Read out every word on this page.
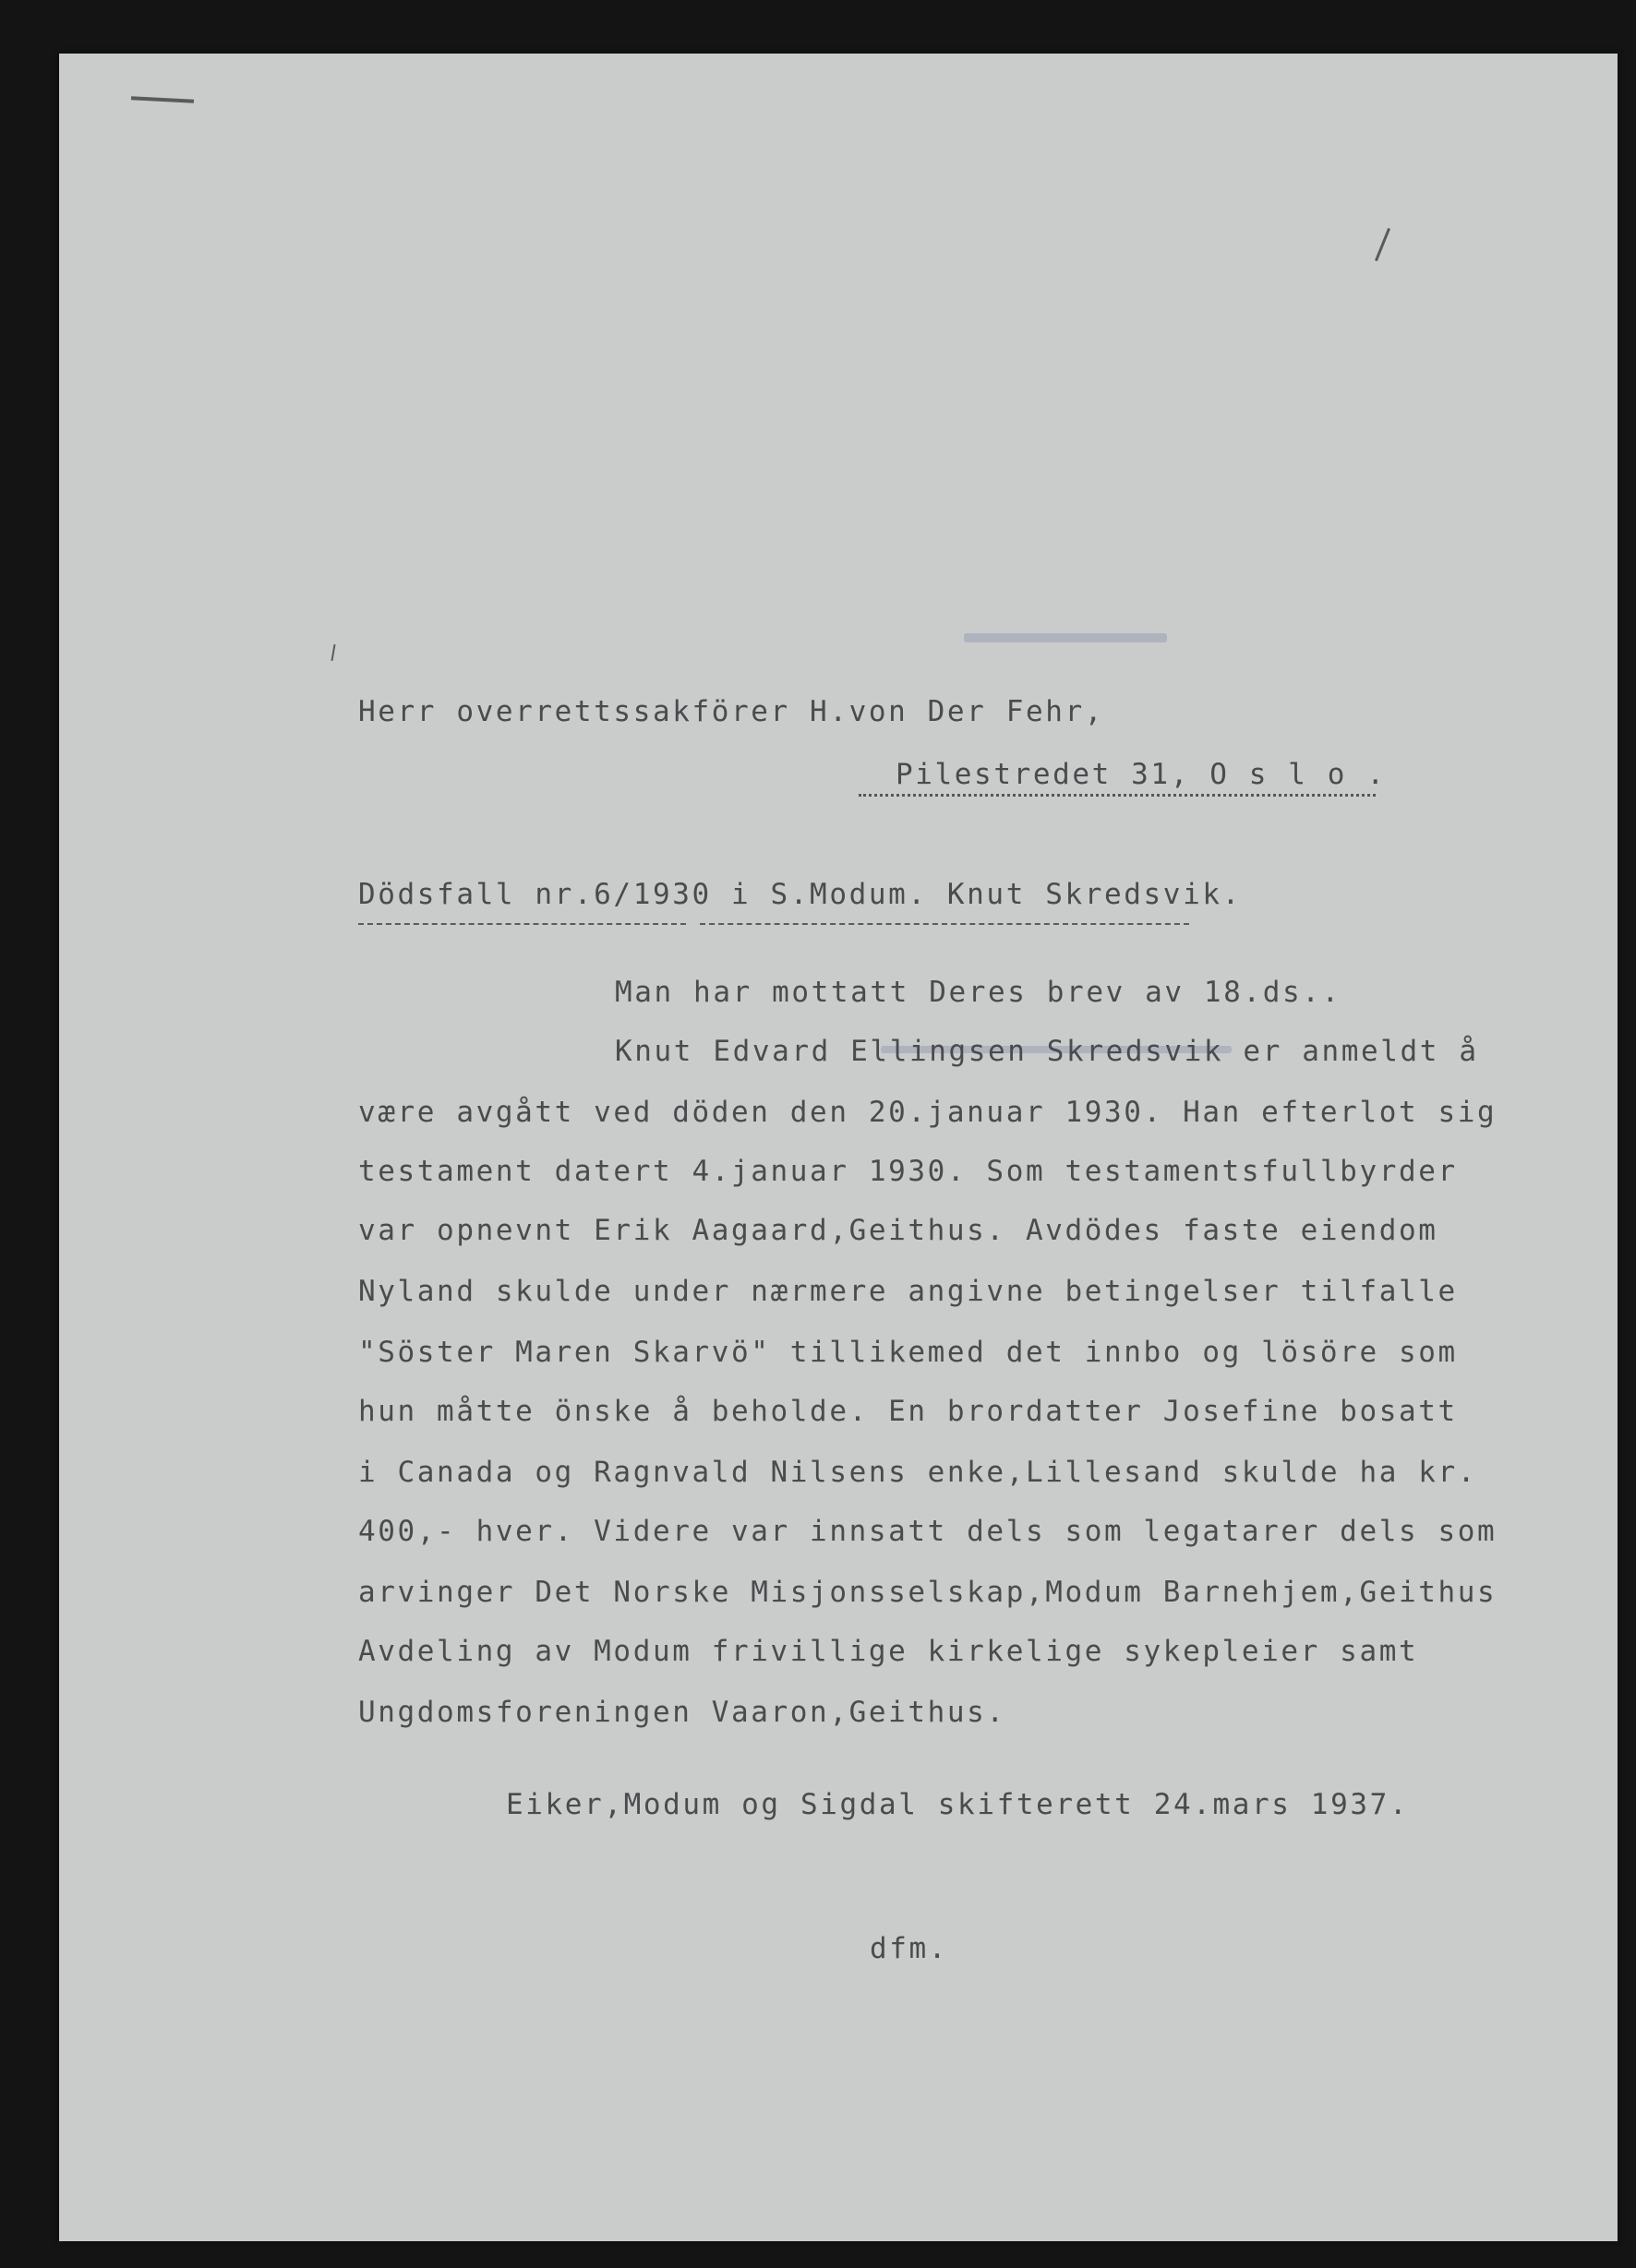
Herr overrettssakförer H.von Der Fehr,
Pilestredet 31, O s l o .
Dödsfall nr.6/1930 i S.Modum. Knut Skredsvik.
Man har mottatt Deres brev av 18.ds..
Knut Edvard Ellingsen Skredsvik er anmeldt å
være avgått ved döden den 20.januar 1930. Han efterlot sig
testament datert 4.januar 1930. Som testamentsfullbyrder
var opnevnt Erik Aagaard,Geithus. Avdödes faste eiendom
Nyland skulde under nærmere angivne betingelser tilfalle
"Söster Maren Skarvö" tillikemed det innbo og lösöre som
hun måtte önske å beholde. En brordatter Josefine bosatt
i Canada og Ragnvald Nilsens enke,Lillesand skulde ha kr.
400,- hver. Videre var innsatt dels som legatarer dels som
arvinger Det Norske Misjonsselskap,Modum Barnehjem,Geithus
Avdeling av Modum frivillige kirkelige sykepleier samt
Ungdomsforeningen Vaaron,Geithus.
Eiker,Modum og Sigdal skifterett 24.mars 1937.
dfm.
